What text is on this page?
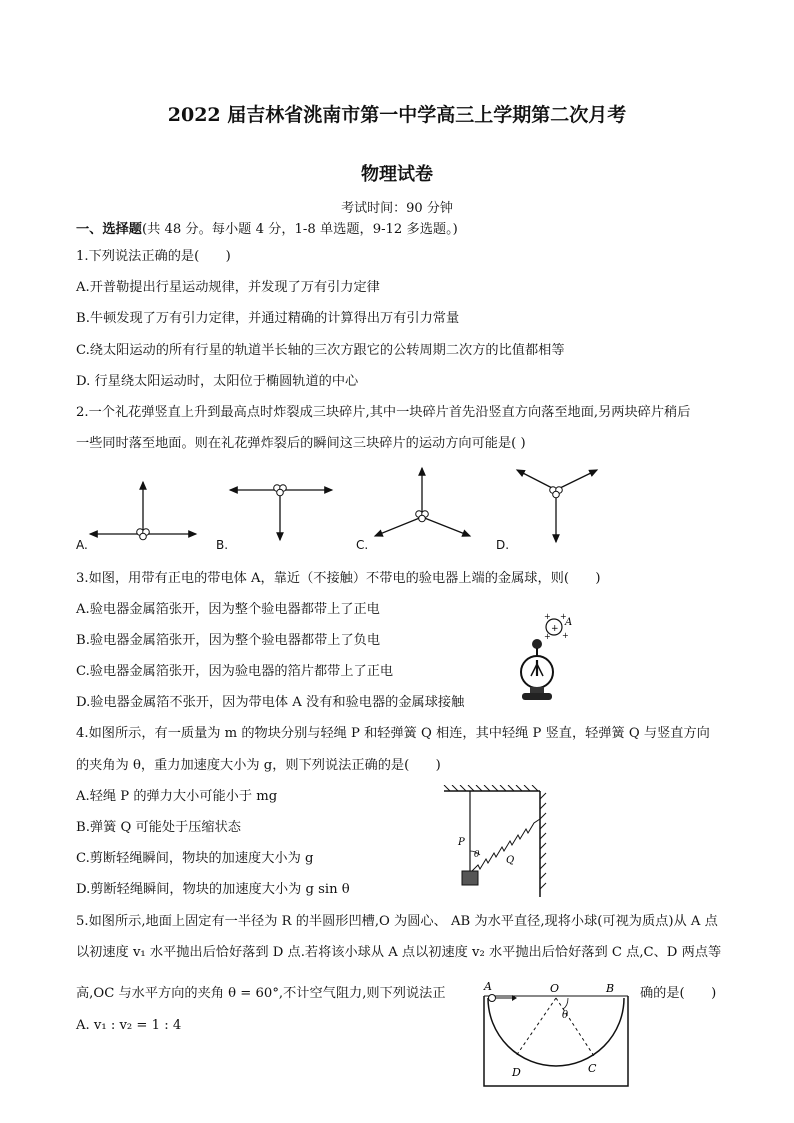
2022 届吉林省洮南市第一中学高三上学期第二次月考
物理试卷
考试时间：90 分钟
一、选择题(共 48 分。每小题 4 分，1-8 单选题，9-12 多选题。)
1.下列说法正确的是(　　)
A.开普勒提出行星运动规律，并发现了万有引力定律
B.牛顿发现了万有引力定律，并通过精确的计算得出万有引力常量
C.绕太阳运动的所有行星的轨道半长轴的三次方跟它的公转周期二次方的比值都相等
D. 行星绕太阳运动时，太阳位于椭圆轨道的中心
2.一个礼花弹竖直上升到最高点时炸裂成三块碎片,其中一块碎片首先沿竖直方向落至地面,另两块碎片稍后
一些同时落至地面。则在礼花弹炸裂后的瞬间这三块碎片的运动方向可能是( )
A.	B.	C.	D.
3.如图，用带有正电的带电体 A，靠近（不接触）不带电的验电器上端的金属球，则(　　)
A.验电器金属箔张开，因为整个验电器都带上了正电
B.验电器金属箔张开，因为整个验电器都带上了负电
C.验电器金属箔张开，因为验电器的箔片都带上了正电
D.验电器金属箔不张开，因为带电体 A 没有和验电器的金属球接触
+
+ +
+
+
A
4.如图所示，有一质量为 m 的物块分别与轻绳 P 和轻弹簧 Q 相连，其中轻绳 P 竖直，轻弹簧 Q 与竖直方向
的夹角为 θ，重力加速度大小为 g，则下列说法正确的是(　　)
A.轻绳 P 的弹力大小可能小于 mg
B.弹簧 Q 可能处于压缩状态
C.剪断轻绳瞬间，物块的加速度大小为 g
D.剪断轻绳瞬间，物块的加速度大小为 g sin θ
P
θ	Q
5.如图所示,地面上固定有一半径为 R 的半圆形凹槽,O 为圆心、 AB 为水平直径,现将小球(可视为质点)从 A 点
以初速度 v₁ 水平抛出后恰好落到 D 点.若将该小球从 A 点以初速度 v₂ 水平抛出后恰好落到 C 点,C、D 两点等
高,OC 与水平方向的夹角 θ = 60°,不计空气阻力,则下列说法正	确的是(　　)
A. v₁ : v₂ = 1 : 4
A	O	B
θ
D	C
